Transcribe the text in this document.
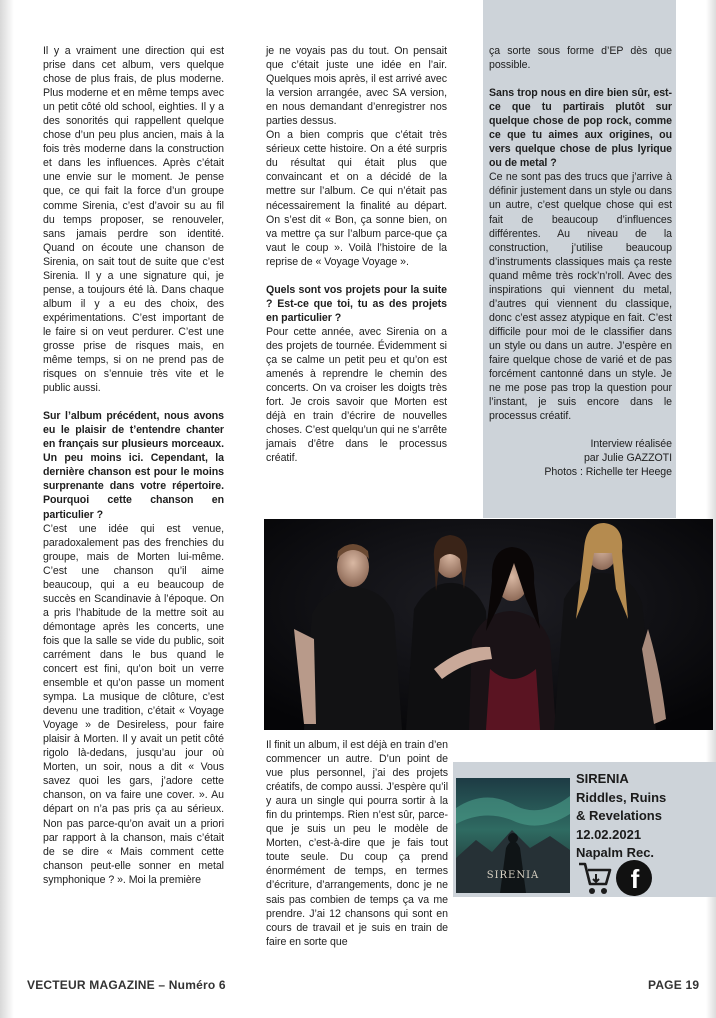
Il y a vraiment une direction qui est prise dans cet album, vers quelque chose de plus frais, de plus moderne. Plus moderne et en même temps avec un petit côté old school, eighties. Il y a des sonorités qui rappellent quelque chose d’un peu plus ancien, mais à la fois très moderne dans la construction et dans les influences. Après c’était une envie sur le moment. Je pense que, ce qui fait la force d’un groupe comme Sirenia, c’est d’avoir su au fil du temps proposer, se renouveler, sans jamais perdre son identité. Quand on écoute une chanson de Sirenia, on sait tout de suite que c’est Sirenia. Il y a une signature qui, je pense, a toujours été là. Dans chaque album il y a eu des choix, des expérimentations. C’est important de le faire si on veut perdurer. C’est une grosse prise de risques mais, en même temps, si on ne prend pas de risques on s’ennuie très vite et le public aussi.

Sur l’album précédent, nous avons eu le plaisir de t’entendre chanter en français sur plusieurs morceaux. Un peu moins ici. Cependant, la dernière chanson est pour le moins surprenante dans votre répertoire. Pourquoi cette chanson en particulier ?

C’est une idée qui est venue, paradoxalement pas des frenchies du groupe, mais de Morten lui-même. C’est une chanson qu’il aime beaucoup, qui a eu beaucoup de succès en Scandinavie à l’époque. On a pris l’habitude de la mettre soit au démontage après les concerts, une fois que la salle se vide du public, soit carrément dans le bus quand le concert est fini, qu’on boit un verre ensemble et qu’on passe un moment sympa. La musique de clôture, c’est devenu une tradition, c’était « Voyage Voyage » de Desireless, pour faire plaisir à Morten. Il y avait un petit côté rigolo là-dedans, jusqu’au jour où Morten, un soir, nous a dit « Vous savez quoi les gars, j’adore cette chanson, on va faire une cover. ». Au départ on n’a pas pris ça au sérieux. Non pas parce-qu’on avait un a priori par rapport à la chanson, mais c’était de se dire « Mais comment cette chanson peut-elle sonner en metal symphonique ? ». Moi la première

je ne voyais pas du tout. On pensait que c’était juste une idée en l’air. Quelques mois après, il est arrivé avec la version arrangée, avec SA version, en nous demandant d’enregistrer nos parties dessus.

On a bien compris que c’était très sérieux cette histoire. On a été surpris du résultat qui était plus que convaincant et on a décidé de la mettre sur l’album. Ce qui n’était pas nécessairement la finalité au départ. On s’est dit « Bon, ça sonne bien, on va mettre ça sur l’album parce-que ça vaut le coup ». Voilà l’histoire de la reprise de « Voyage Voyage ».

Quels sont vos projets pour la suite ? Est-ce que toi, tu as des projets en particulier ?

Pour cette année, avec Sirenia on a des projets de tournée. Évidemment si ça se calme un petit peu et qu’on est amenés à reprendre le chemin des concerts. On va croiser les doigts très fort. Je crois savoir que Morten est déjà en train d’écrire de nouvelles choses. C’est quelqu’un qui ne s’arrête jamais d’être dans le processus créatif.

ça sorte sous forme d’EP dès que possible.

Sans trop nous en dire bien sûr, est-ce que tu partirais plutôt sur quelque chose de pop rock, comme ce que tu aimes aux origines, ou vers quelque chose de plus lyrique ou de metal ?

Ce ne sont pas des trucs que j’arrive à définir justement dans un style ou dans un autre, c’est quelque chose qui est fait de beaucoup d’influences différentes. Au niveau de la construction, j’utilise beaucoup d’instruments classiques mais ça reste quand même très rock’n’roll. Avec des inspirations qui viennent du metal, d’autres qui viennent du classique, donc c’est assez atypique en fait. C’est difficile pour moi de le classifier dans un style ou dans un autre. J’espère en faire quelque chose de varié et de pas forcément cantonné dans un style. Je ne me pose pas trop la question pour l’instant, je suis encore dans le processus créatif.

Interview réalisée

par Julie GAZZOTI

Photos : Richelle ter Heege

Il finit un album, il est déjà en train d’en commencer un autre. D’un point de vue plus personnel, j’ai des projets créatifs, de compo aussi. J’espère qu’il y aura un single qui pourra sortir à la fin du printemps. Rien n’est sûr, parce-que je suis un peu le modèle de Morten, c’est-à-dire que je fais tout toute seule. Du coup ça prend énormément de temps, en termes d’écriture, d’arrangements, donc je ne sais pas combien de temps ça va me prendre. J’ai 12 chansons qui sont en cours de travail et je suis en train de faire en sorte que

SIRENIA
SIRENIA
Riddles, Ruins
& Revelations
12.02.2021
Napalm Rec.
f
VECTEUR MAGAZINE – Numéro 6	PAGE 19
